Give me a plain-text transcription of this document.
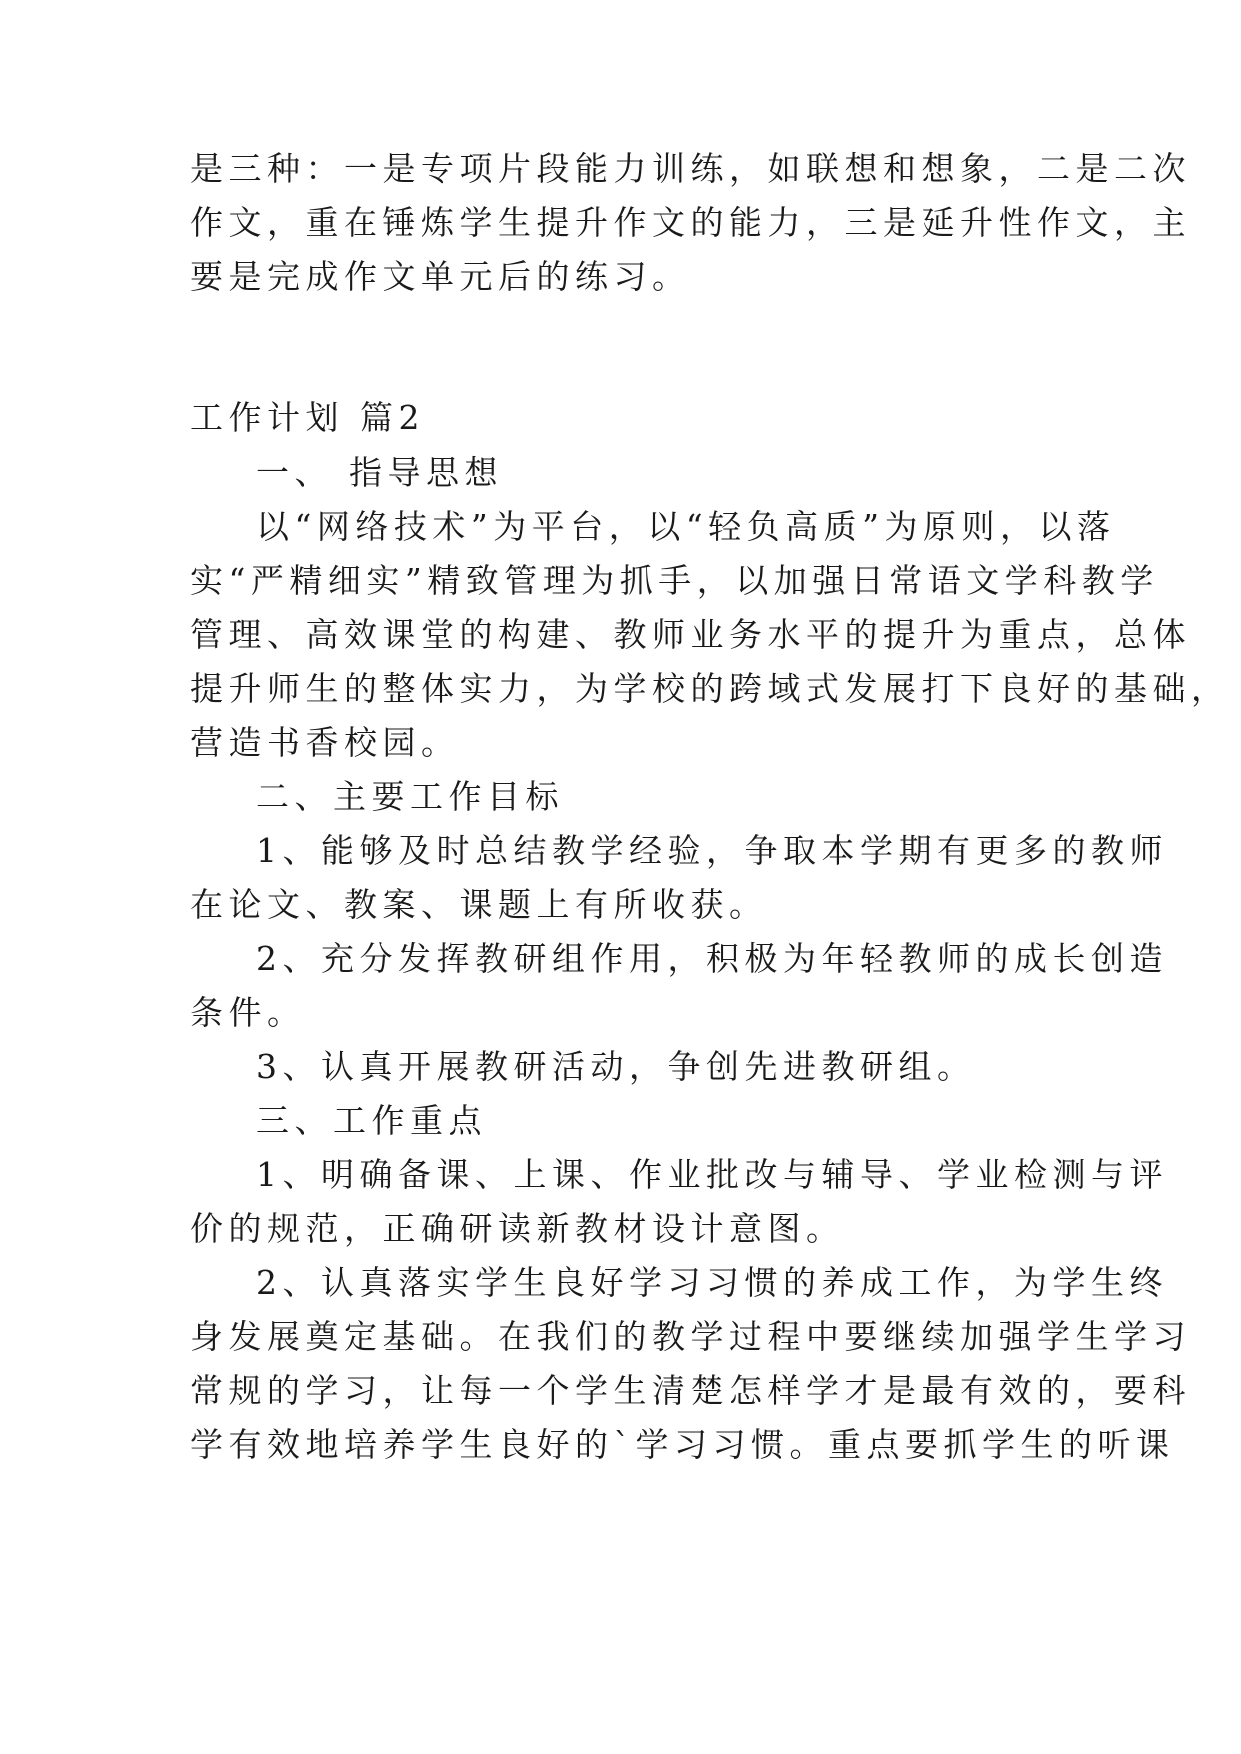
是三种：一是专项片段能力训练，如联想和想象，二是二次
作文，重在锤炼学生提升作文的能力，三是延升性作文，主
要是完成作文单元后的练习。
工作计划 篇2
一、 指导思想
以“网络技术”为平台，以“轻负高质”为原则，以落
实“严精细实”精致管理为抓手，以加强日常语文学科教学
管理、高效课堂的构建、教师业务水平的提升为重点，总体
提升师生的整体实力，为学校的跨域式发展打下良好的基础，
营造书香校园。
二、主要工作目标
1、能够及时总结教学经验，争取本学期有更多的教师
在论文、教案、课题上有所收获。
2、充分发挥教研组作用，积极为年轻教师的成长创造
条件。
3、认真开展教研活动，争创先进教研组。
三、工作重点
1、明确备课、上课、作业批改与辅导、学业检测与评
价的规范，正确研读新教材设计意图。
2、认真落实学生良好学习习惯的养成工作，为学生终
身发展奠定基础。在我们的教学过程中要继续加强学生学习
常规的学习，让每一个学生清楚怎样学才是最有效的，要科
学有效地培养学生良好的`学习习惯。重点要抓学生的听课
